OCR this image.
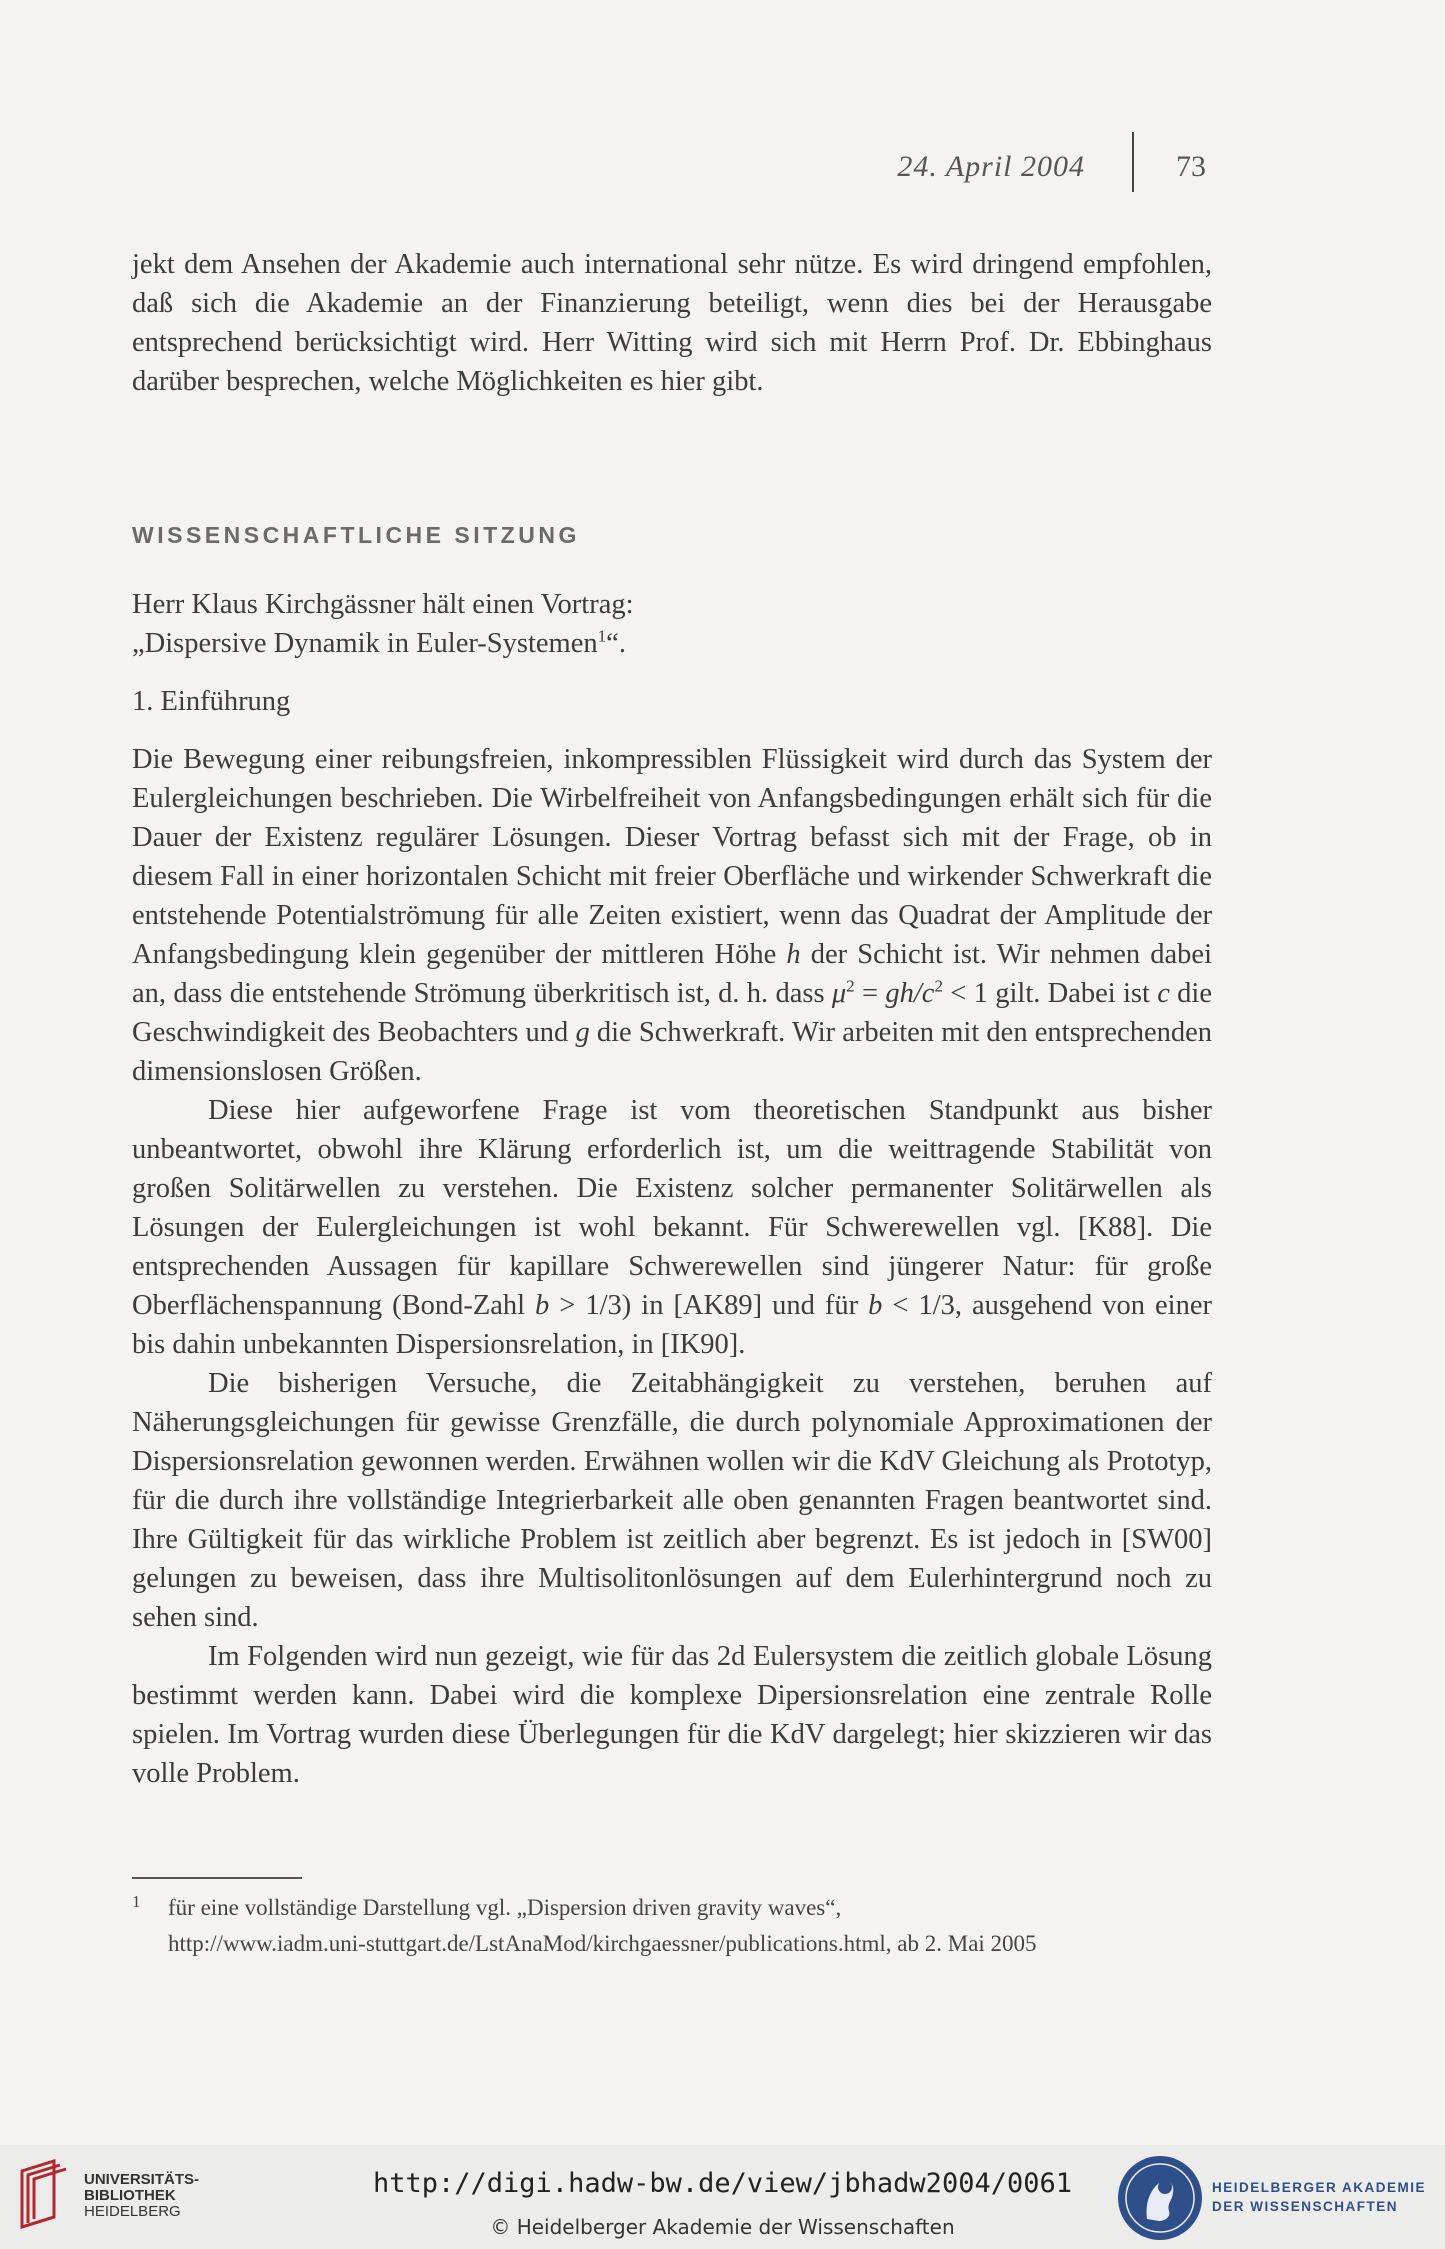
24. April 2004	73

jekt dem Ansehen der Akademie auch international sehr nütze. Es wird dringend empfohlen, daß sich die Akademie an der Finanzierung beteiligt, wenn dies bei der Herausgabe entsprechend berücksichtigt wird. Herr Witting wird sich mit Herrn Prof. Dr. Ebbinghaus darüber besprechen, welche Möglichkeiten es hier gibt.

WISSENSCHAFTLICHE SITZUNG

Herr Klaus Kirchgässner hält einen Vortrag:

„Dispersive Dynamik in Euler-Systemen$^1$“.

1. Einführung

Die Bewegung einer reibungsfreien, inkompressiblen Flüssigkeit wird durch das System der Eulergleichungen beschrieben. Die Wirbelfreiheit von Anfangsbedingungen erhält sich für die Dauer der Existenz regulärer Lösungen. Dieser Vortrag befasst sich mit der Frage, ob in diesem Fall in einer horizontalen Schicht mit freier Oberfläche und wirkender Schwerkraft die entstehende Potentialströmung für alle Zeiten existiert, wenn das Quadrat der Amplitude der Anfangsbedingung klein gegenüber der mittleren Höhe h der Schicht ist. Wir nehmen dabei an, dass die entstehende Strömung überkritisch ist, d. h. dass $\mu^2 = gh/c^2 < 1$ gilt. Dabei ist c die Geschwindigkeit des Beobachters und g die Schwerkraft. Wir arbeiten mit den entsprechenden dimensionslosen Größen.

Diese hier aufgeworfene Frage ist vom theoretischen Standpunkt aus bisher unbeantwortet, obwohl ihre Klärung erforderlich ist, um die weittragende Stabilität von großen Solitärwellen zu verstehen. Die Existenz solcher permanenter Solitärwellen als Lösungen der Eulergleichungen ist wohl bekannt. Für Schwerewellen vgl. [K88]. Die entsprechenden Aussagen für kapillare Schwerewellen sind jüngerer Natur: für große Oberflächenspannung (Bond-Zahl b > 1/3) in [AK89] und für b < 1/3, ausgehend von einer bis dahin unbekannten Dispersionsrelation, in [IK90].

Die bisherigen Versuche, die Zeitabhängigkeit zu verstehen, beruhen auf Näherungsgleichungen für gewisse Grenzfälle, die durch polynomiale Approximationen der Dispersionsrelation gewonnen werden. Erwähnen wollen wir die KdV Gleichung als Prototyp, für die durch ihre vollständige Integrierbarkeit alle oben genannten Fragen beantwortet sind. Ihre Gültigkeit für das wirkliche Problem ist zeitlich aber begrenzt. Es ist jedoch in [SW00] gelungen zu beweisen, dass ihre Multisolitonlösungen auf dem Eulerhintergrund noch zu sehen sind.

Im Folgenden wird nun gezeigt, wie für das 2d Eulersystem die zeitlich globale Lösung bestimmt werden kann. Dabei wird die komplexe Dipersionsrelation eine zentrale Rolle spielen. Im Vortrag wurden diese Überlegungen für die KdV dargelegt; hier skizzieren wir das volle Problem.

1	für eine vollständige Darstellung vgl. „Dispersion driven gravity waves“,
http://www.iadm.uni-stuttgart.de/LstAnaMod/kirchgaessner/publications.html, ab 2. Mai 2005
UNIVERSITÄTS-
BIBLIOTHEK
HEIDELBERG
http://digi.hadw-bw.de/view/jbhadw2004/0061
© Heidelberger Akademie der Wissenschaften
HEIDELBERGER AKADEMIE
DER WISSENSCHAFTEN
